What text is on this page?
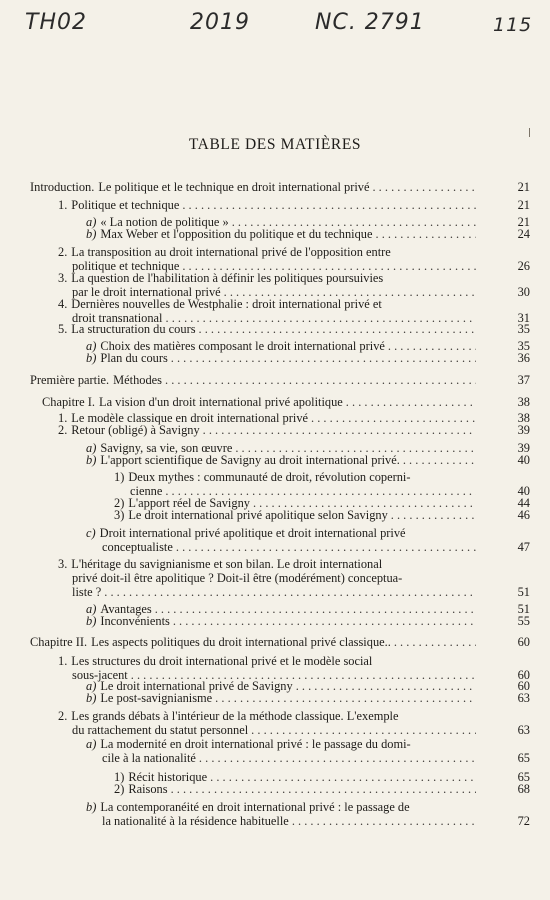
TH02	2019	NC. 2791	115
TABLE DES MATIÈRES
Introduction. Le politique et le technique en droit international privé . . .	21
1. Politique et technique . . .	21
a) « La notion de politique » . . .	21
b) Max Weber et l'opposition du politique et du technique . . .	24
2. La transposition au droit international privé de l'opposition entre
politique et technique . . .	26
3. La question de l'habilitation à définir les politiques poursuivies
par le droit international privé . . .	30
4. Dernières nouvelles de Westphalie : droit international privé et
droit transnational . . .	31
5. La structuration du cours . . .	35
a) Choix des matières composant le droit international privé . . .	35
b) Plan du cours . . .	36
Première partie. Méthodes . . .	37
Chapitre I. La vision d'un droit international privé apolitique . . .	38
1. Le modèle classique en droit international privé . . .	38
2. Retour (obligé) à Savigny . . .	39
a) Savigny, sa vie, son œuvre . . .	39
b) L'apport scientifique de Savigny au droit international privé. . . .	40
1) Deux mythes : communauté de droit, révolution coperni-
cienne . . .	40
2) L'apport réel de Savigny . . .	44
3) Le droit international privé apolitique selon Savigny . . .	46
c) Droit international privé apolitique et droit international privé
conceptualiste . . .	47
3. L'héritage du savignianisme et son bilan. Le droit international
privé doit-il être apolitique ? Doit-il être (modérément) conceptua-
liste ? . . .	51
a) Avantages . . .	51
b) Inconvénients . . .	55
Chapitre II. Les aspects politiques du droit international privé classique.. . . .	60
1. Les structures du droit international privé et le modèle social
sous-jacent . . .	60
a) Le droit international privé de Savigny . . .	60
b) Le post-savignianisme . . .	63
2. Les grands débats à l'intérieur de la méthode classique. L'exemple
du rattachement du statut personnel . . .	63
a) La modernité en droit international privé : le passage du domi-
cile à la nationalité . . .	65
1) Récit historique . . .	65
2) Raisons . . .	68
b) La contemporanéité en droit international privé : le passage de
la nationalité à la résidence habituelle . . .	72
